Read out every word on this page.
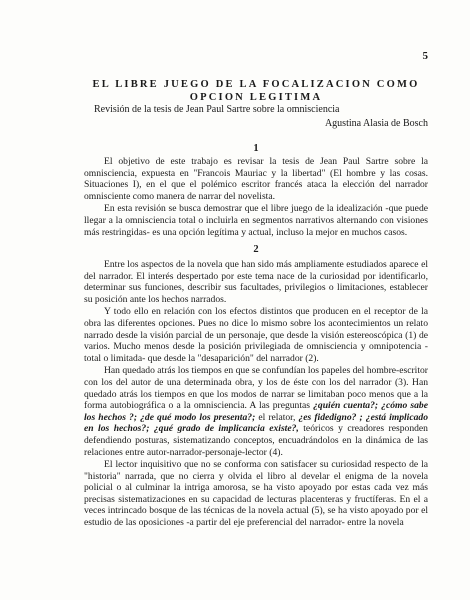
5
EL LIBRE JUEGO DE LA FOCALIZACION COMO OPCION LEGITIMA
Revisión de la tesis de Jean Paul Sartre sobre la omnisciencia
Agustina Alasia de Bosch
1

El objetivo de este trabajo es revisar la tesis de Jean Paul Sartre sobre la omnisciencia, expuesta en "Francois Mauriac y la libertad" (El hombre y las cosas. Situaciones I), en el que el polémico escritor francés ataca la elección del narrador omnisciente como manera de narrar del novelista.

En esta revisión se busca demostrar que el libre juego de la idealización -que puede llegar a la omnisciencia total o incluirla en segmentos narrativos alternando con visiones más restringidas- es una opción legítima y actual, incluso la mejor en muchos casos.

2

Entre los aspectos de la novela que han sido más ampliamente estudiados aparece el del narrador. El interés despertado por este tema nace de la curiosidad por identificarlo, determinar sus funciones, describir sus facultades, privilegios o limitaciones, establecer su posición ante los hechos narrados.

Y todo ello en relación con los efectos distintos que producen en el receptor de la obra las diferentes opciones. Pues no dice lo mismo sobre los acontecimientos un relato narrado desde la visión parcial de un personaje, que desde la visión estereoscópica (1) de varios. Mucho menos desde la posición privilegiada de omnisciencia y omnipotencia -total o limitada- que desde la "desaparición" del narrador (2).

Han quedado atrás los tiempos en que se confundían los papeles del hombre-escritor con los del autor de una determinada obra, y los de éste con los del narrador (3). Han quedado atrás los tiempos en que los modos de narrar se limitaban poco menos que a la forma autobiográfica o a la omnisciencia. A las preguntas ¿quién cuenta?; ¿cómo sabe los hechos ?; ¿de qué modo los presenta?; el relator, ¿es fidedigno? ; ¿está implicado en los hechos?; ¿qué grado de implicancia existe?, teóricos y creadores responden defendiendo posturas, sistematizando conceptos, encuadrándolos en la dinámica de las relaciones entre autor-narrador-personaje-lector (4).

El lector inquisitivo que no se conforma con satisfacer su curiosidad respecto de la "historia" narrada, que no cierra y olvida el libro al develar el enigma de la novela policial o al culminar la intriga amorosa, se ha visto apoyado por estas cada vez más precisas sistematizaciones en su capacidad de lecturas placenteras y fructíferas. En el a veces intrincado bosque de las técnicas de la novela actual (5), se ha visto apoyado por el estudio de las oposiciones -a partir del eje preferencial del narrador- entre la novela
